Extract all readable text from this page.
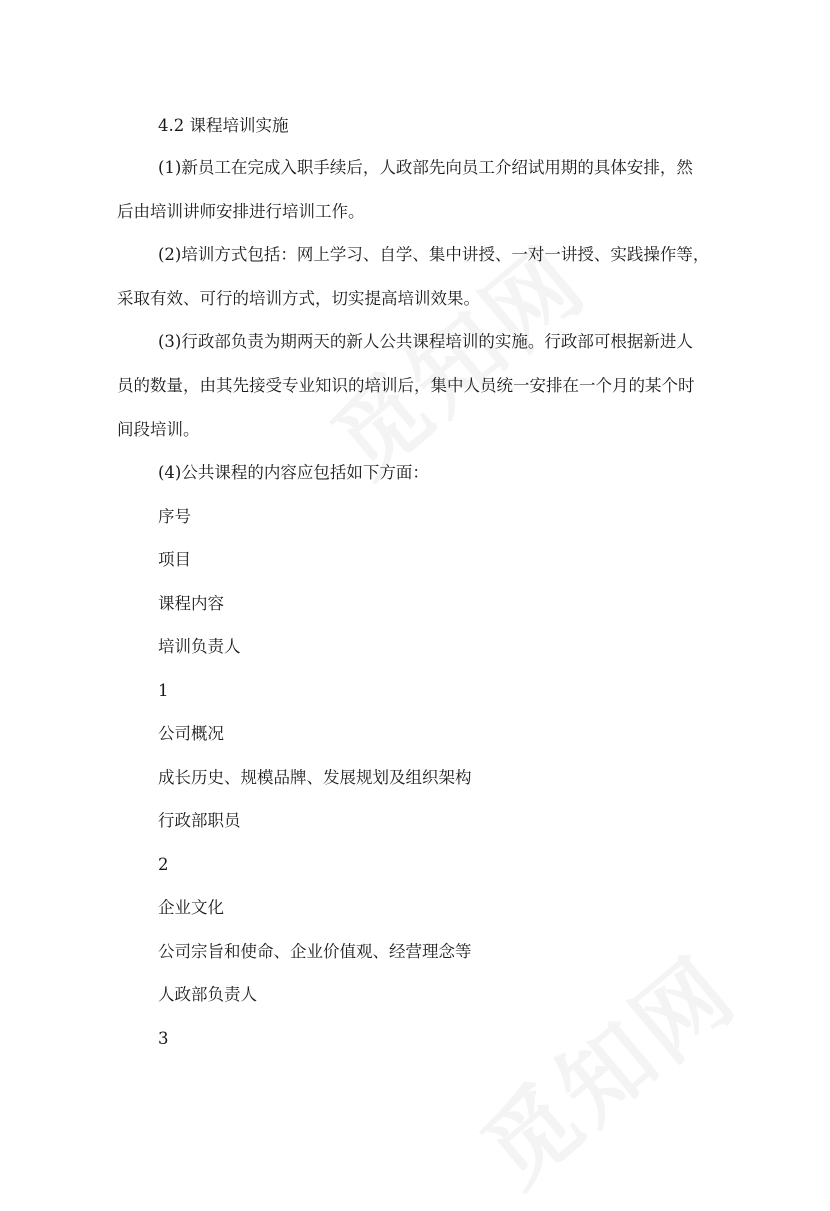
4.2 课程培训实施
(1)新员工在完成入职手续后，人政部先向员工介绍试用期的具体安排，然
后由培训讲师安排进行培训工作。
(2)培训方式包括：网上学习、自学、集中讲授、一对一讲授、实践操作等，
采取有效、可行的培训方式，切实提高培训效果。
(3)行政部负责为期两天的新人公共课程培训的实施。行政部可根据新进人
员的数量，由其先接受专业知识的培训后，集中人员统一安排在一个月的某个时
间段培训。
(4)公共课程的内容应包括如下方面：
序号
项目
课程内容
培训负责人
1
公司概况
成长历史、规模品牌、发展规划及组织架构
行政部职员
2
企业文化
公司宗旨和使命、企业价值观、经营理念等
人政部负责人
3
